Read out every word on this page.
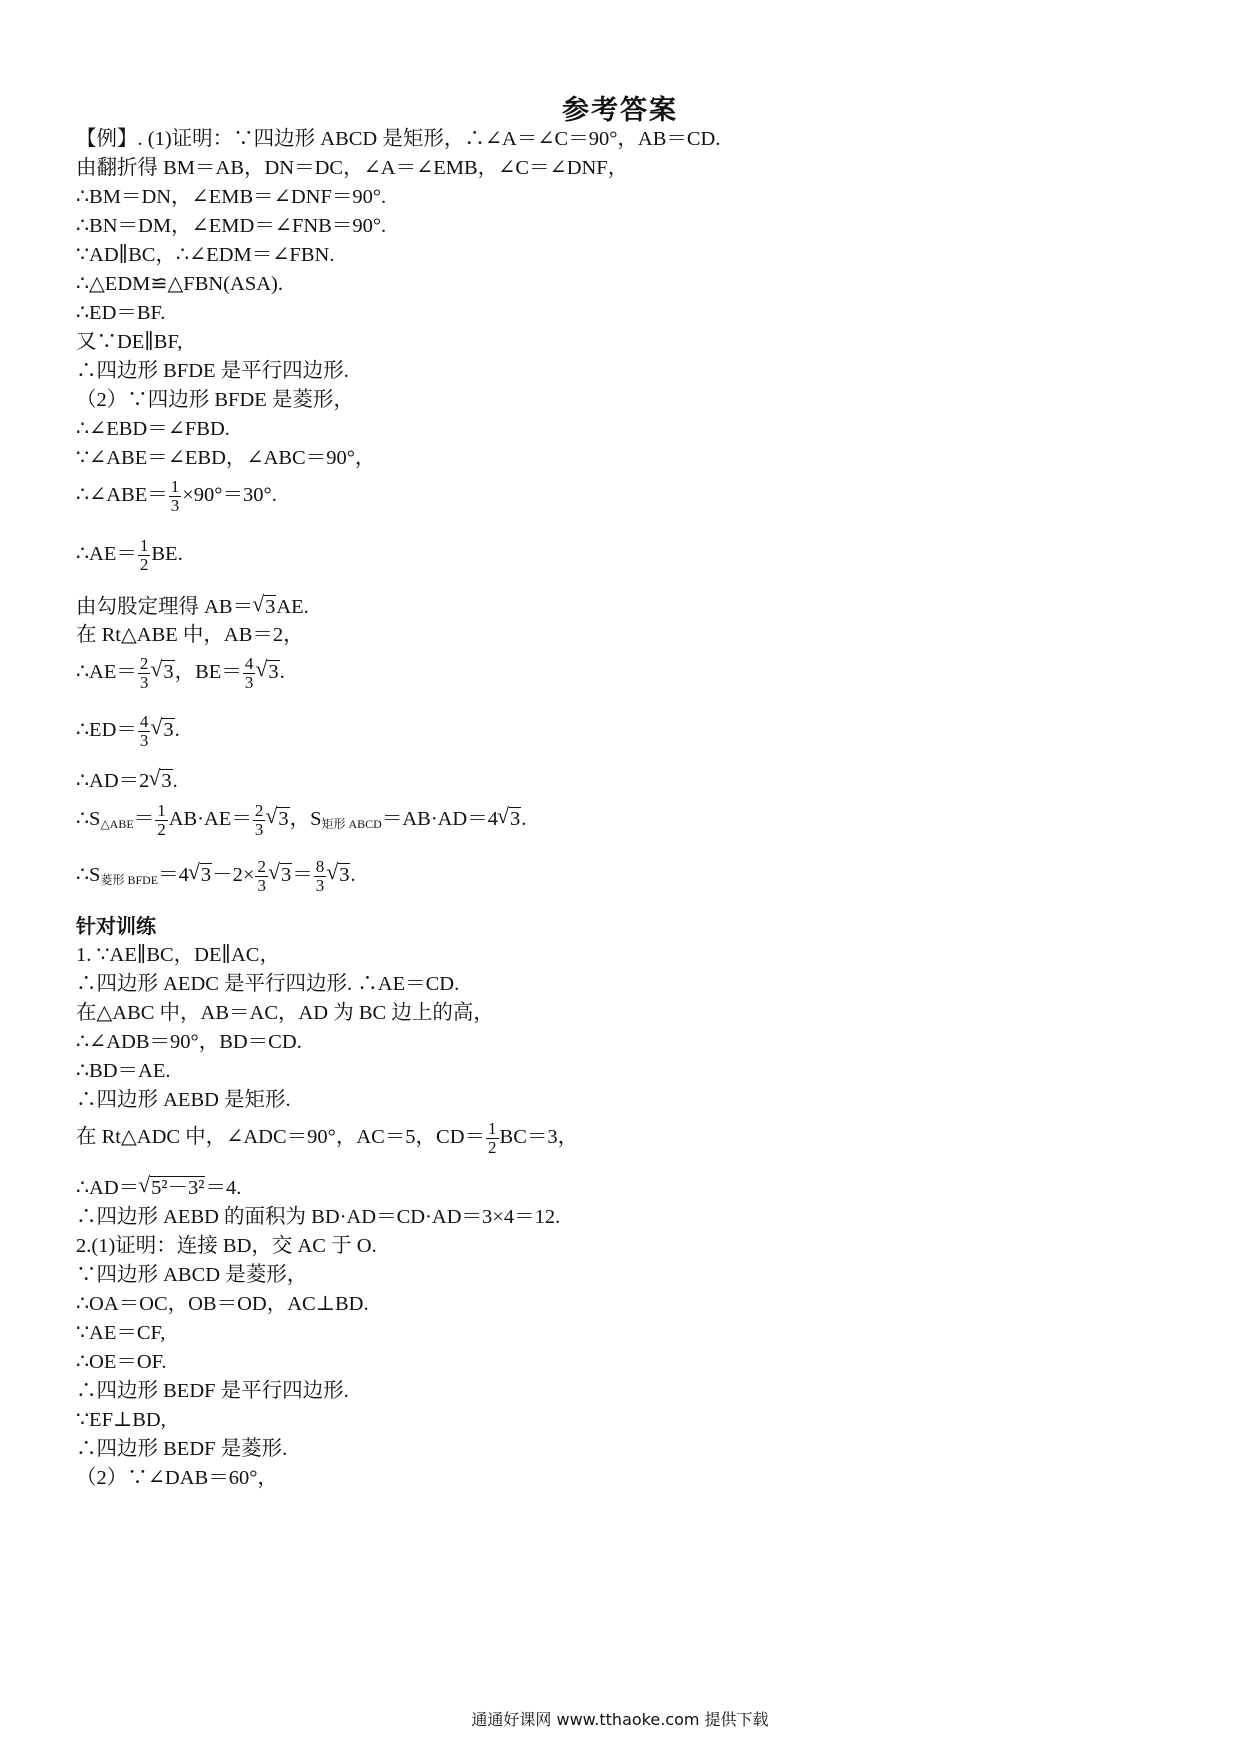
参考答案
【例】. (1)证明：∵四边形 ABCD 是矩形，∴∠A＝∠C＝90°，AB＝CD.
由翻折得 BM＝AB，DN＝DC，∠A＝∠EMB，∠C＝∠DNF，
∴BM＝DN，∠EMB＝∠DNF＝90°.
∴BN＝DM，∠EMD＝∠FNB＝90°.
∵AD∥BC，∴∠EDM＝∠FBN.
∴△EDM≌△FBN(ASA).
∴ED＝BF.
又∵DE∥BF,
∴四边形 BFDE 是平行四边形.
（2）∵四边形 BFDE 是菱形，
∴∠EBD＝∠FBD.
∵∠ABE＝∠EBD，∠ABC＝90°，
∴∠ABE＝ $\frac{1}{3} \times 90^\circ=30^\circ$.
∴AE＝ $\frac{1}{2}$ BE.
由勾股定理得 AB＝√ 3AE.
在 Rt△ABE 中，AB＝2，
∴AE＝ $\frac{2}{3}$
√ 3，$BE= \frac{4}{3}$
√ 3.
∴ED＝ $\frac{4}{3}$
√ 3.
∴AD＝2√ 3.
$\therefore S_{\triangle ABE}= \frac{1}{2} AB\cdot AE= \frac{2}{3}$
√ 3，$S_{矩形 ABCD}=AB\cdot AD=4√$ 3.
$\therefore S_{菱形 BFDE}=4√$ $3-2\times \frac{2}{3}$
√ $3= \frac{8}{3}$
√ 3.
针对训练
1. ∵AE∥BC，DE∥AC，
∴四边形 AEDC 是平行四边形. ∴AE＝CD.
在△ABC 中，AB＝AC，AD 为 BC 边上的高，
∴∠ADB＝90°，BD＝CD.
∴BD＝AE.
∴四边形 AEBD 是矩形.
在 Rt△ADC 中，∠ADC＝90°，AC＝5，$CD= \frac{1}{2} BC=3$，
∴AD＝√ 5²－3²＝4.
∴四边形 AEBD 的面积为 BD·AD＝CD·AD＝3×4＝12.
2.(1)证明：连接 BD，交 AC 于 O.
∵四边形 ABCD 是菱形，
∴OA＝OC，OB＝OD，AC⊥BD.
∵AE＝CF,
∴OE＝OF.
∴四边形 BEDF 是平行四边形.
∵EF⊥BD,
∴四边形 BEDF 是菱形.
（2）∵∠DAB＝60°，
通通好课网 www.tthaoke.com 提供下载
